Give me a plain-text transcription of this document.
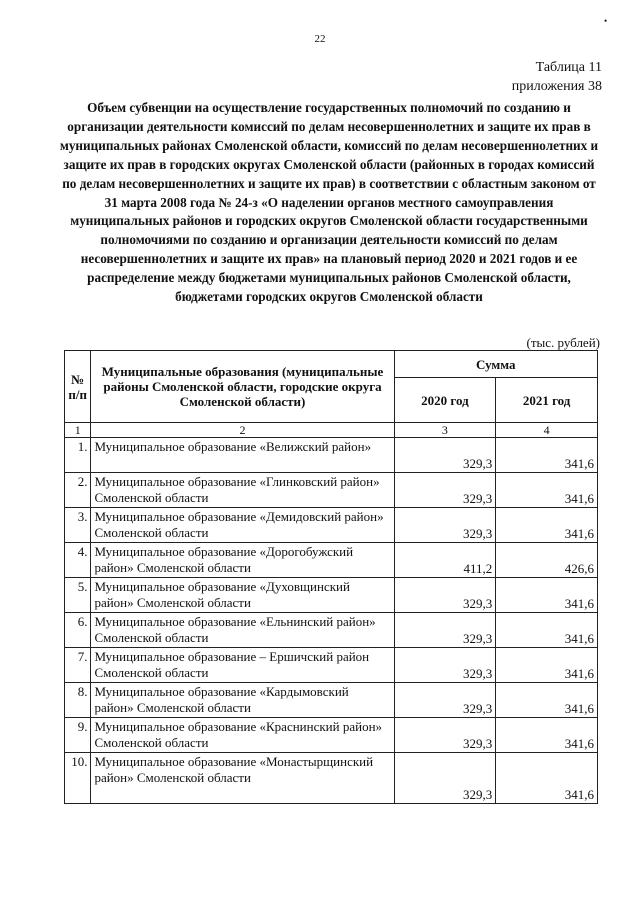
22
•
Таблица 11
приложения 38
Объем субвенции на осуществление государственных полномочий по созданию и организации деятельности комиссий по делам несовершеннолетних и защите их прав в муниципальных районах Смоленской области, комиссий по делам несовершеннолетних и защите их прав в городских округах Смоленской области (районных в городах комиссий по делам несовершеннолетних и защите их прав) в соответствии с областным законом от 31 марта 2008 года № 24-з «О наделении органов местного самоуправления муниципальных районов и городских округов Смоленской области государственными полномочиями по созданию и организации деятельности комиссий по делам несовершеннолетних и защите их прав» на плановый период 2020 и 2021 годов и ее распределение между бюджетами муниципальных районов Смоленской области, бюджетами городских округов Смоленской области
(тыс. рублей)
№ п/п	Муниципальные образования (муниципальные районы Смоленской области, городские округа Смоленской области)	Сумма	
		2020 год	2021 год
1	2	3	4
1.	Муниципальное образование «Велижский район»	329,3	341,6
2.	Муниципальное образование «Глинковский район» Смоленской области	329,3	341,6
3.	Муниципальное образование «Демидовский район» Смоленской области	329,3	341,6
4.	Муниципальное образование «Дорогобужский район» Смоленской области	411,2	426,6
5.	Муниципальное образование «Духовщинский район» Смоленской области	329,3	341,6
6.	Муниципальное образование «Ельнинский район» Смоленской области	329,3	341,6
7.	Муниципальное образование – Ершичский район Смоленской области	329,3	341,6
8.	Муниципальное образование «Кардымовский район» Смоленской области	329,3	341,6
9.	Муниципальное образование «Краснинский район» Смоленской области	329,3	341,6
10.	Муниципальное образование «Монастырщинский район» Смоленской области	329,3	341,6
